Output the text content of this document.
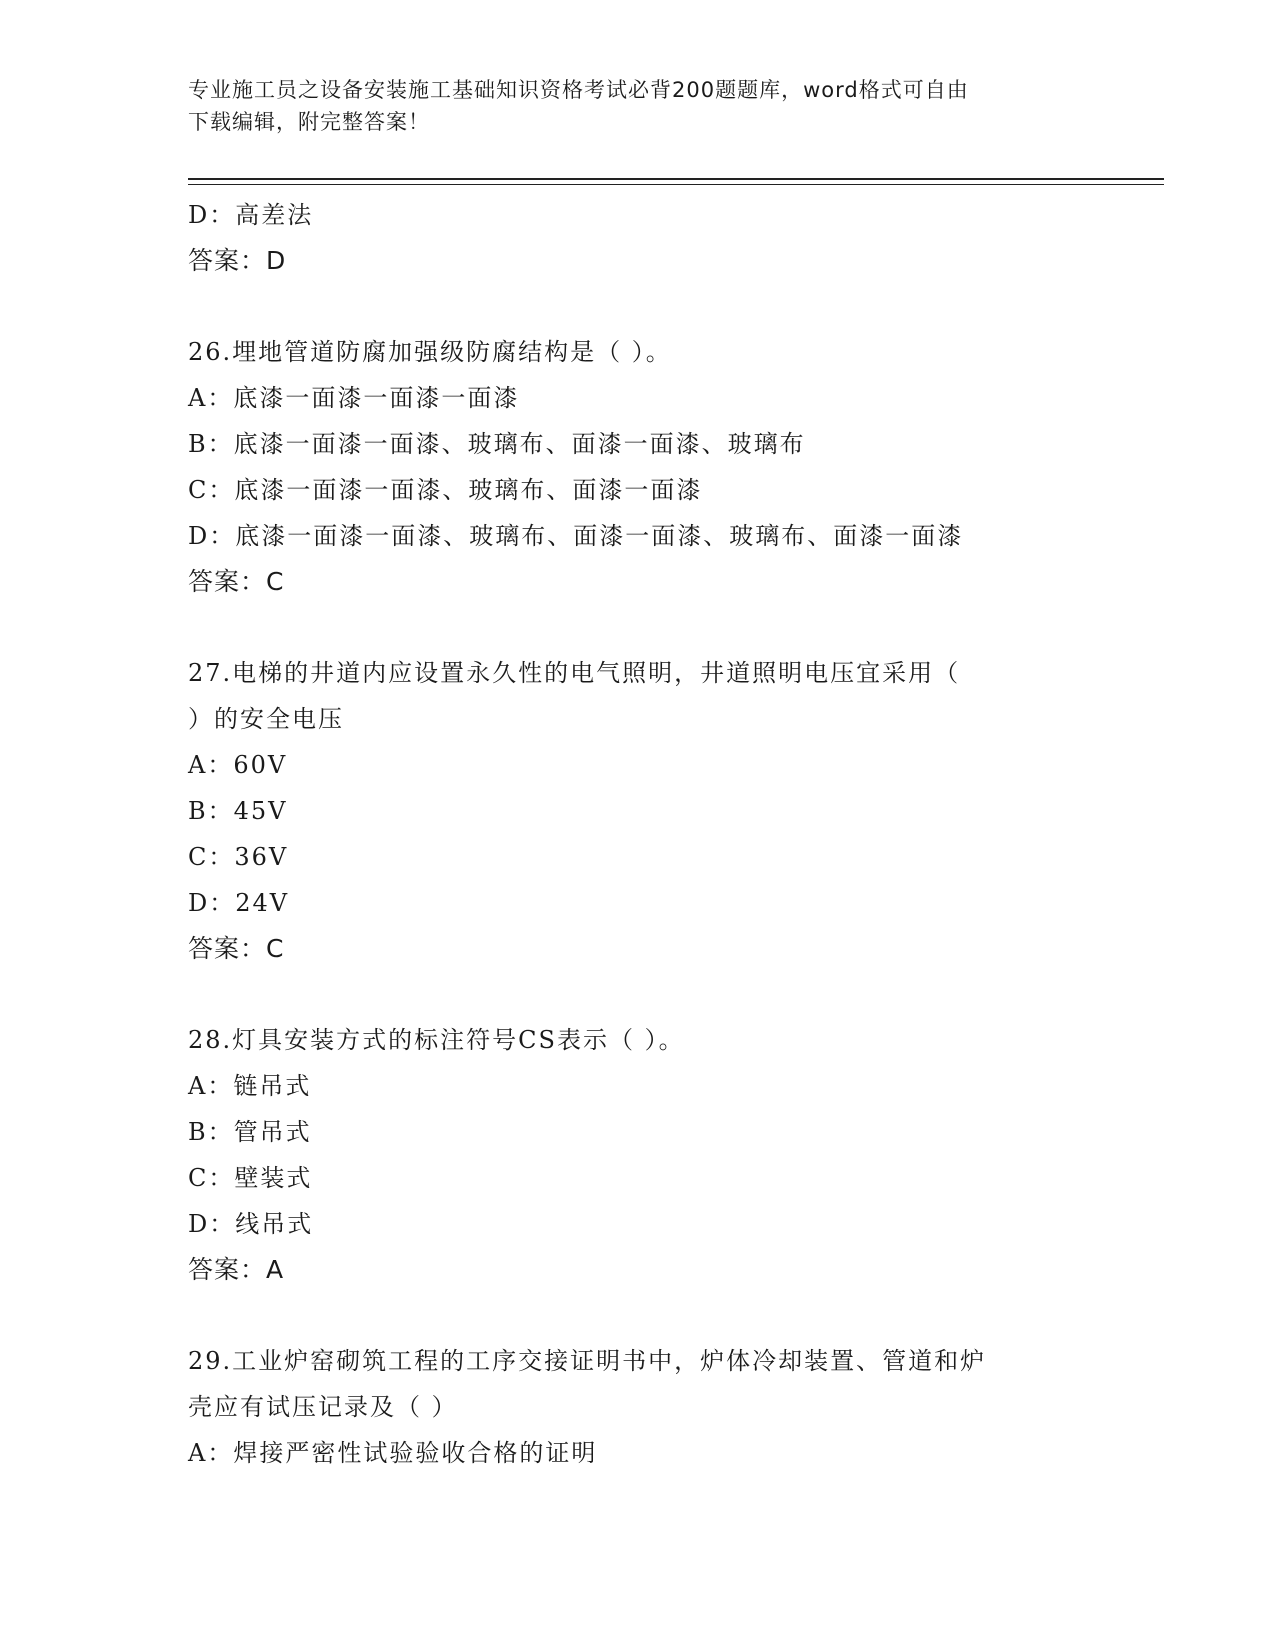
专业施工员之设备安装施工基础知识资格考试必背200题题库，word格式可自由
下载编辑，附完整答案！
D：高差法
答案：D
26.埋地管道防腐加强级防腐结构是（ ）。
A：底漆一面漆一面漆一面漆
B：底漆一面漆一面漆、玻璃布、面漆一面漆、玻璃布
C：底漆一面漆一面漆、玻璃布、面漆一面漆
D：底漆一面漆一面漆、玻璃布、面漆一面漆、玻璃布、面漆一面漆
答案：C
27.电梯的井道内应设置永久性的电气照明，井道照明电压宜采用（
）的安全电压
A：60V
B：45V
C：36V
D：24V
答案：C
28.灯具安装方式的标注符号CS表示（ ）。
A：链吊式
B：管吊式
C：壁装式
D：线吊式
答案：A
29.工业炉窑砌筑工程的工序交接证明书中，炉体冷却装置、管道和炉
壳应有试压记录及（ ）
A：焊接严密性试验验收合格的证明
